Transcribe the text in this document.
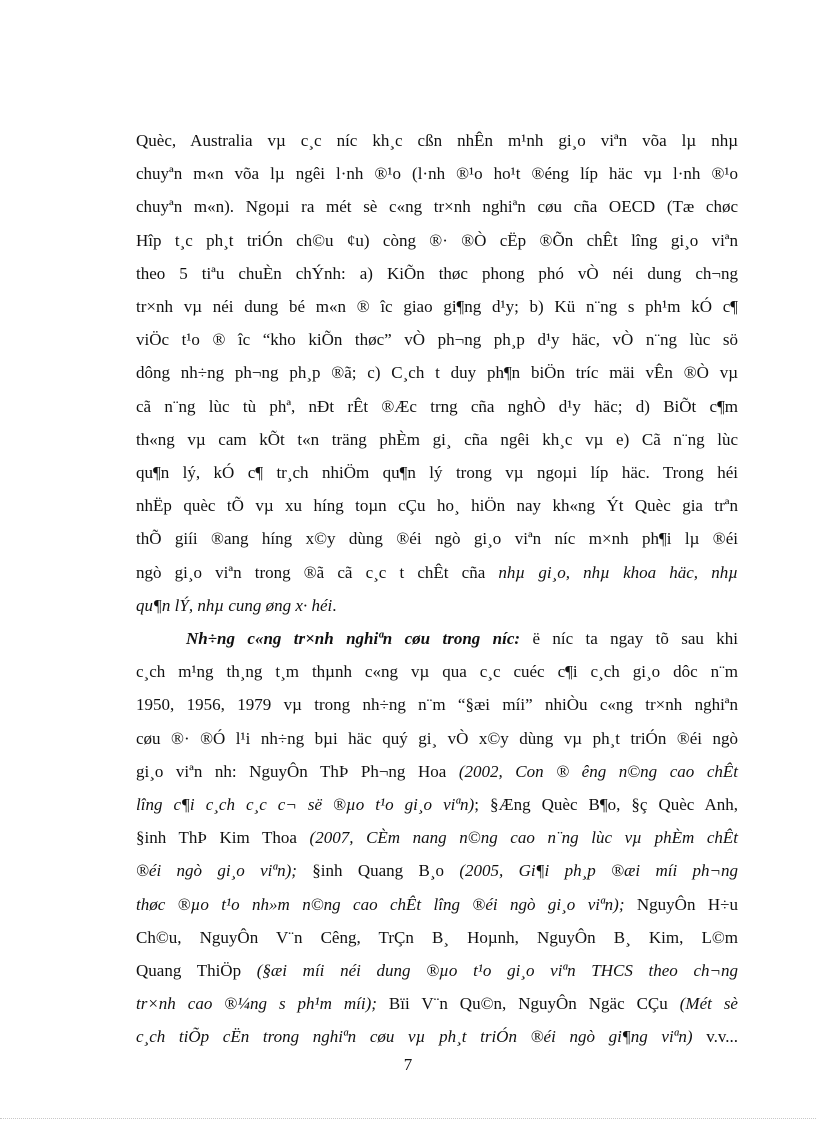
Quèc, Australia vµ c¸c níc kh¸c cßn nhÊn m¹nh gi¸o viªn võa lµ nhµ
chuyªn m«n võa lµ ngêi l·nh ®¹o (l·nh ®¹o ho¹t ®éng líp häc vµ l·nh ®¹o
chuyªn m«n). Ngoµi ra mét sè c«ng tr×nh nghiªn cøu cña OECD (Tæ chøc
Hîp t¸c ph¸t triÓn ch©u ¢u) còng ®· ®Ò cËp ®Õn chÊt lîng gi¸o viªn
theo 5 tiªu chuÈn chÝnh: a) KiÕn thøc phong phó vÒ néi dung ch¬ng
tr×nh vµ néi dung bé m«n ® îc giao gi¶ng d¹y; b) Kü n¨ng s ph¹m kÓ c¶
viÖc t¹o ® îc “kho kiÕn thøc” vÒ ph¬ng ph¸p d¹y häc, vÒ n¨ng lùc sö
dông nh÷ng ph¬ng ph¸p ®ã; c) C¸ch t duy ph¶n biÖn tríc mäi vÊn ®Ò vµ
cã n¨ng lùc tù phª, nÐt rÊt ®Æc trng cña nghÒ d¹y häc; d) BiÕt c¶m
th«ng vµ cam kÕt t«n träng phÈm gi¸ cña ngêi kh¸c vµ e) Cã n¨ng lùc
qu¶n lý, kÓ c¶ tr¸ch nhiÖm qu¶n lý trong vµ ngoµi líp häc. Trong héi
nhËp quèc tÕ vµ xu híng toµn cÇu ho¸ hiÖn nay kh«ng Ýt Quèc gia trªn
thÕ giíi ®ang híng x©y dùng ®éi ngò gi¸o viªn níc m×nh ph¶i lµ ®éi
ngò gi¸o viªn trong ®ã cã c¸c t chÊt cña nhµ gi¸o, nhµ khoa häc, nhµ
qu¶n lÝ, nhµ cung øng x· héi.
Nh÷ng c«ng tr×nh nghiªn cøu trong níc: ë níc ta ngay tõ sau khi
c¸ch m¹ng th¸ng t¸m thµnh c«ng vµ qua c¸c cuéc c¶i c¸ch gi¸o dôc n¨m
1950, 1956, 1979 vµ trong nh÷ng n¨m “§æi míi” nhiÒu c«ng tr×nh nghiªn
cøu ®· ®Ó l¹i nh÷ng bµi häc quý gi¸ vÒ x©y dùng vµ ph¸t triÓn ®éi ngò
gi¸o viªn nh: NguyÔn ThÞ Ph¬ng Hoa (2002, Con ® êng n©ng cao chÊt
lîng c¶i c¸ch c¸c c¬ së ®µo t¹o gi¸o viªn); §Æng Quèc B¶o, §ç Quèc Anh,
§inh ThÞ Kim Thoa (2007, CÈm nang n©ng cao n¨ng lùc vµ phÈm chÊt
®éi ngò gi¸o viªn); §inh Quang B¸o (2005, Gi¶i ph¸p ®æi míi ph¬ng
thøc ®µo t¹o nh»m n©ng cao chÊt lîng ®éi ngò gi¸o viªn); NguyÔn H÷u
Ch©u, NguyÔn V¨n Cêng, TrÇn B¸ Hoµnh, NguyÔn B¸ Kim, L©m
Quang ThiÖp (§æi míi néi dung ®µo t¹o gi¸o viªn THCS theo ch¬ng
tr×nh cao ®¼ng s ph¹m míi); Bïi V¨n Qu©n, NguyÔn Ngäc CÇu (Mét sè
c¸ch tiÕp cËn trong nghiªn cøu vµ ph¸t triÓn ®éi ngò gi¶ng viªn) v.v...
7
